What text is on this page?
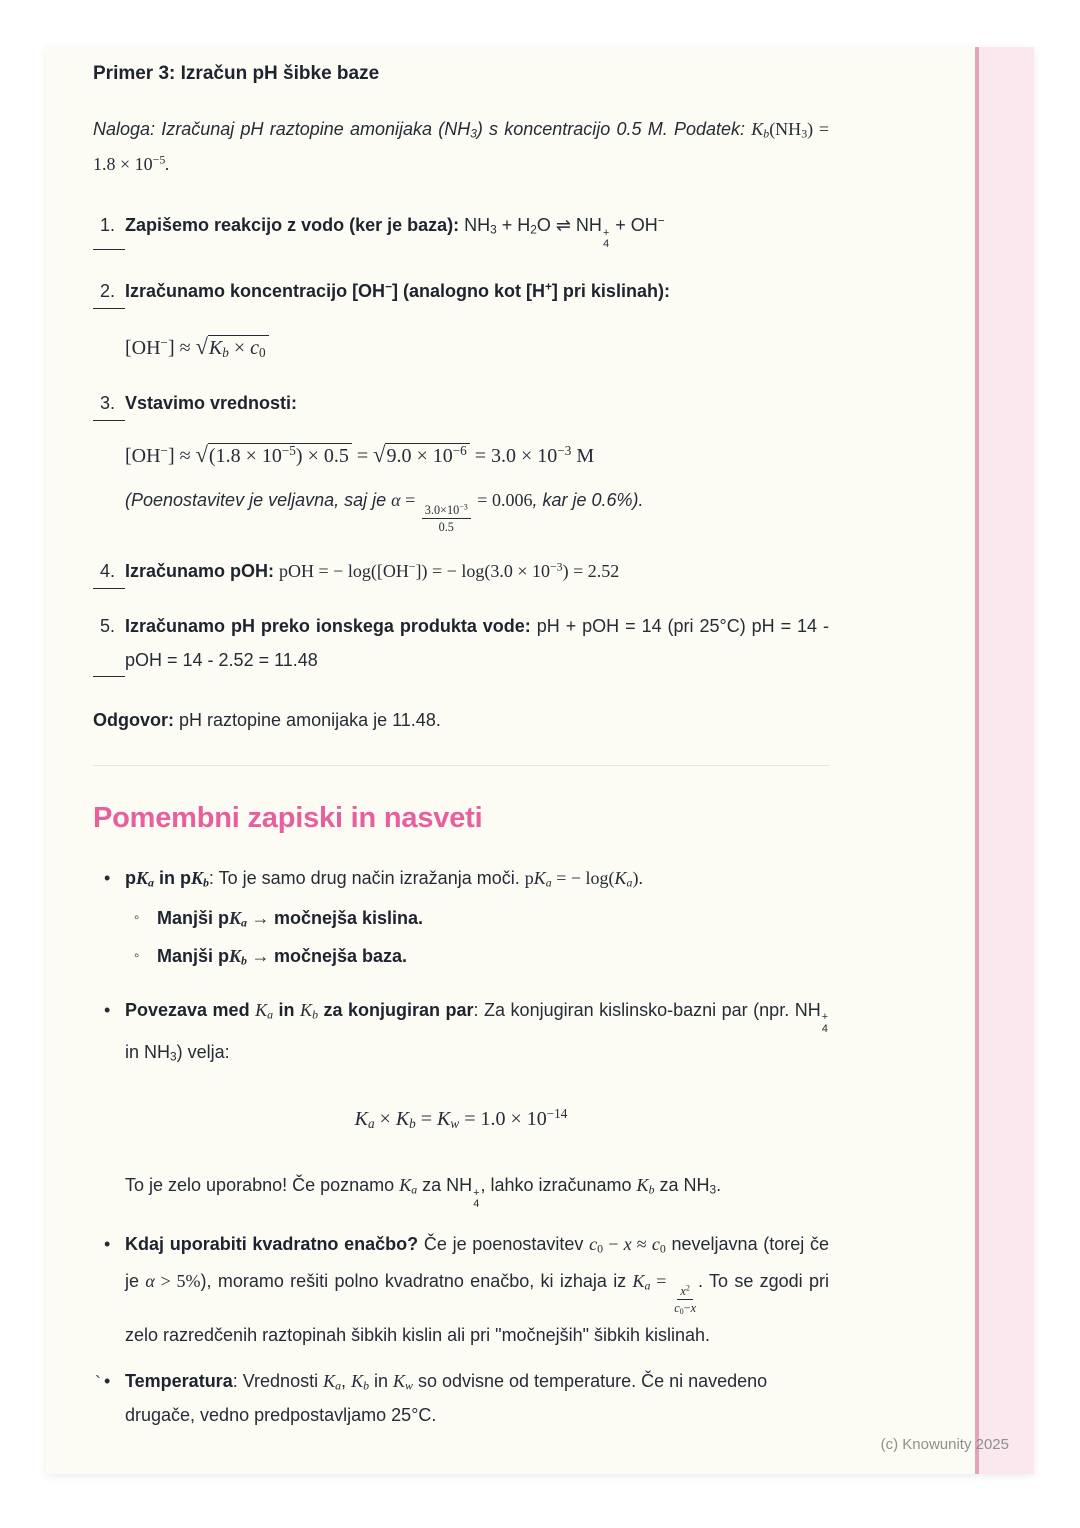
Primer 3: Izračun pH šibke baze

Naloga: Izračunaj pH raztopine amonijaka $(NH_3)$ s koncentracijo 0.5 M. Podatek: $K_b(NH_3) = 1.8 \times 10^{-5}$.

1. Zapišemo reakcijo z vodo (ker je baza): $NH_3 + H_2O$ ⇌ NH +
4
+ OH−
2. Izračunamo koncentracijo [OH−] (analogno kot [H+] pri kislinah):
$[OH^-] \approx √K_b \times c_0$
3. Vstavimo vrednosti:
$[OH^-] \approx √(1.8 \times 10^{-5}) \times 0.5 = √9.0 \times 10^{-6} = 3.0 \times 10^{-3}$ M
(Poenostavitev je veljavna, saj je α =
$\frac{3.0\times 10^{-3}}{0.5}$
= 0.006, kar je 0.6%).
4. Izračunamo pOH: pOH = − log([OH−]) = − $\log(3.0 \times 10^{-3}) = 2.52$
5. Izračunamo pH preko ionskega produkta vode: pH + pOH = 14 (pri 25°C) pH = 14 - pOH = 14 - 2.52 = 11.48

Odgovor: pH raztopine amonijaka je 11.48.

Pomembni zapiski in nasveti
• $pK_a$ in $pK_b$: To je samo drug način izražanja moči. $pK_a$ = − $\log(K_a)$.
◦ Manjši $pK_a$ → močnejša kislina.
◦ Manjši $pK_b$ → močnejša baza.
• Povezava med $K_a$ in $K_b$ za konjugiran par: Za konjugiran kislinsko-bazni par (npr. NH +
4
in $NH_3$) velja:
$K_a \times K_b = K_w = 1.0 \times 10^{-14}$

To je zelo uporabno! Če poznamo $K_a$ za NH +
4
, lahko izračunamo $K_b$ za $NH_3$.

• Kdaj uporabiti kvadratno enačbo? Če je poenostavitev $c_0 - x \approx c_0$ neveljavna (torej če je α > 5%), moramo rešiti polno kvadratno enačbo, ki izhaja iz $K_a$ =
$\frac{x^2}{c_0-x}$
. To se zgodi pri zelo razredčenih raztopinah šibkih kislin ali pri "močnejših" šibkih kislinah.
• Temperatura: Vrednosti $K_a$, $K_b$ in $K_w$ so odvisne od temperature. Če ni navedeno drugače, vedno predpostavljamo 25°C.
`
(c) Knowunity 2025
